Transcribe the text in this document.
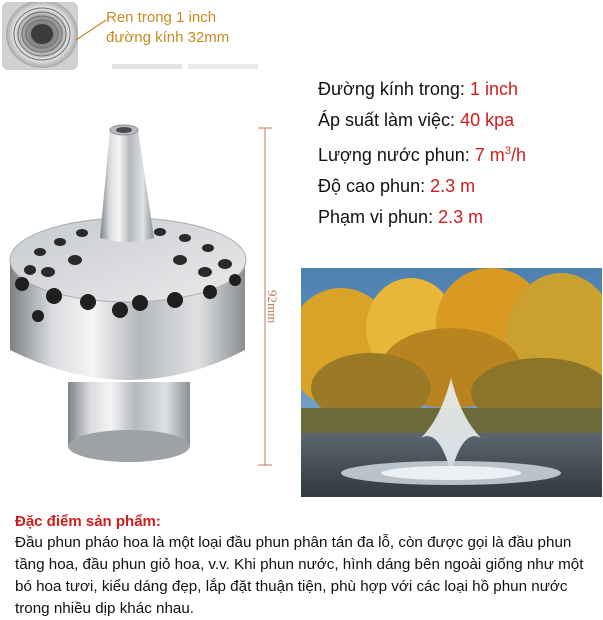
Ren trong 1 inch
đường kính 32mm
Đường kính trong: 1 inch
Áp suất làm việc: 40 kpa
Lượng nước phun: 7 $m^3/h$
Độ cao phun: 2.3 m
Phạm vi phun: 2.3 m
92mm
Đặc điểm sản phẩm:
Đầu phun pháo hoa là một loại đầu phun phân tán đa lỗ, còn được gọi là đầu phun tầng hoa, đầu phun giỏ hoa, v.v. Khi phun nước, hình dáng bên ngoài giống như một bó hoa tươi, kiểu dáng đẹp, lắp đặt thuận tiện, phù hợp với các loại hồ phun nước trong nhiều dịp khác nhau.
